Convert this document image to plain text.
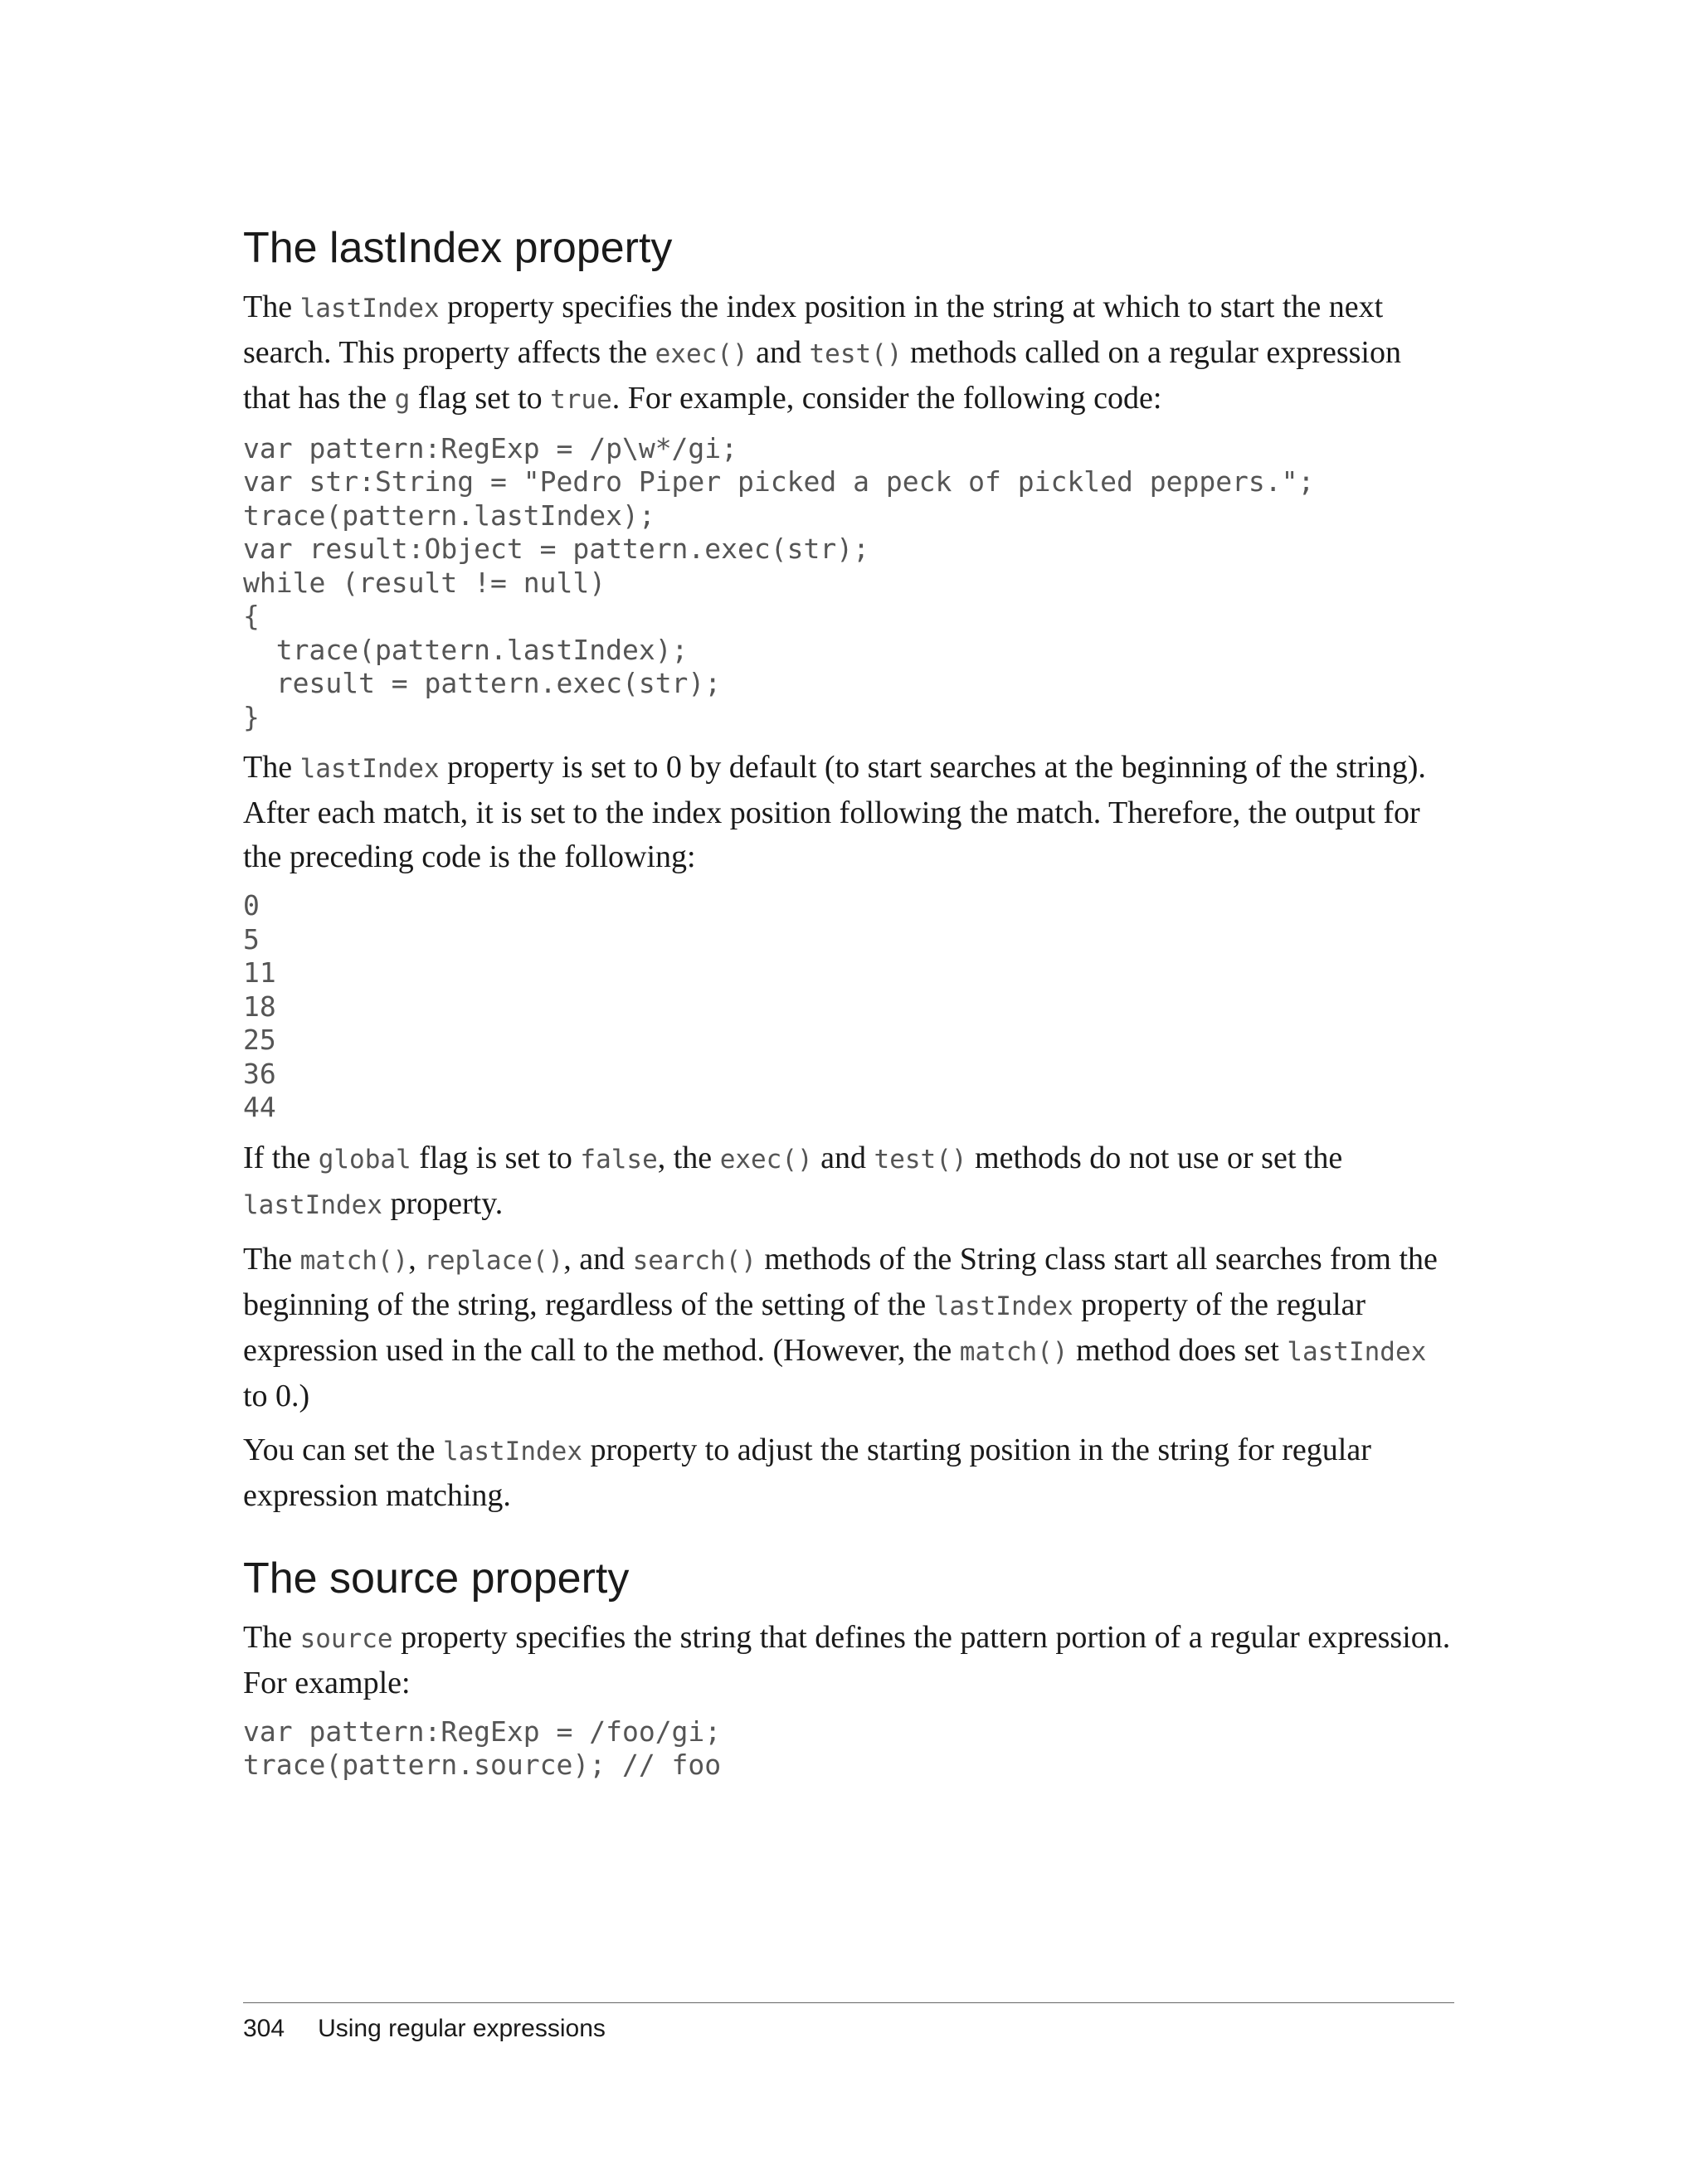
The lastIndex property

The lastIndex property specifies the index position in the string at which to start the next search. This property affects the exec() and test() methods called on a regular expression that has the g flag set to true. For example, consider the following code:

var pattern:RegExp = /p\w*/gi;
var str:String = "Pedro Piper picked a peck of pickled peppers.";
trace(pattern.lastIndex);
var result:Object = pattern.exec(str);
while (result != null)
{
trace(pattern.lastIndex);
result = pattern.exec(str);
}

The lastIndex property is set to 0 by default (to start searches at the beginning of the string). After each match, it is set to the index position following the match. Therefore, the output for the preceding code is the following:

0
5
11
18
25
36
44

If the global flag is set to false, the exec() and test() methods do not use or set the lastIndex property.

The match(), replace(), and search() methods of the String class start all searches from the beginning of the string, regardless of the setting of the lastIndex property of the regular expression used in the call to the method. (However, the match() method does set lastIndex to 0.)

You can set the lastIndex property to adjust the starting position in the string for regular expression matching.

The source property

The source property specifies the string that defines the pattern portion of a regular expression. For example:

var pattern:RegExp = /foo/gi;
trace(pattern.source); // foo
304 Using regular expressions
